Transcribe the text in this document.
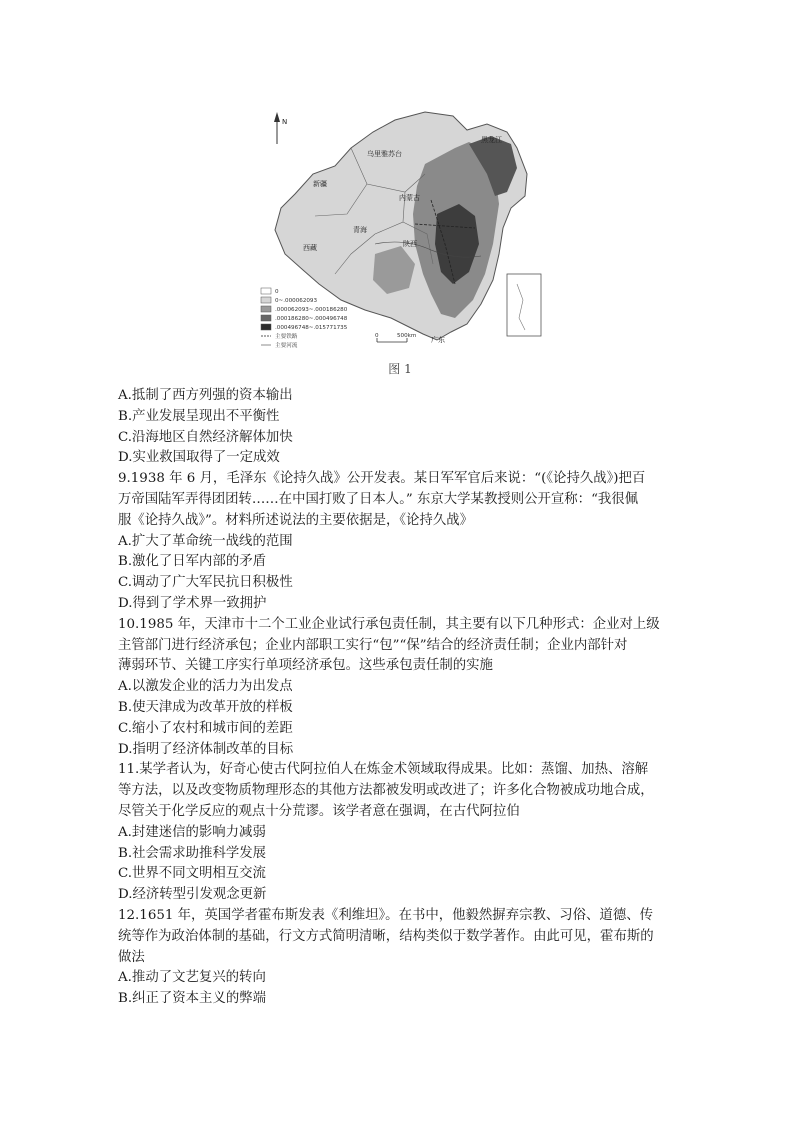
N
乌里雅苏台
黑龙江
新疆
内蒙古
西藏
青海
陕西
广东
0
0~.000062093
.000062093~.000186280
.000186280~.000496748
.000496748~.015771735
主要铁路
主要河流
0	500km
图 1

A.抵制了西方列强的资本输出

B.产业发展呈现出不平衡性

C.沿海地区自然经济解体加快

D.实业救国取得了一定成效

9.1938 年 6 月，毛泽东《论持久战》公开发表。某日军军官后来说：“(《论持久战》)把百

万帝国陆军弄得团团转……在中国打败了日本人。” 东京大学某教授则公开宣称：“我很佩

服《论持久战》”。材料所述说法的主要依据是，《论持久战》

A.扩大了革命统一战线的范围

B.激化了日军内部的矛盾

C.调动了广大军民抗日积极性

D.得到了学术界一致拥护

10.1985 年，天津市十二个工业企业试行承包责任制，其主要有以下几种形式：企业对上级

主管部门进行经济承包；企业内部职工实行“包”“保”结合的经济责任制；企业内部针对

薄弱环节、关键工序实行单项经济承包。这些承包责任制的实施

A.以激发企业的活力为出发点

B.使天津成为改革开放的样板

C.缩小了农村和城市间的差距

D.指明了经济体制改革的目标

11.某学者认为，好奇心使古代阿拉伯人在炼金术领域取得成果。比如：蒸馏、加热、溶解

等方法，以及改变物质物理形态的其他方法都被发明或改进了；许多化合物被成功地合成，

尽管关于化学反应的观点十分荒谬。该学者意在强调，在古代阿拉伯

A.封建迷信的影响力减弱

B.社会需求助推科学发展

C.世界不同文明相互交流

D.经济转型引发观念更新

12.1651 年，英国学者霍布斯发表《利维坦》。在书中，他毅然摒弃宗教、习俗、道德、传

统等作为政治体制的基础，行文方式简明清晰，结构类似于数学著作。由此可见，霍布斯的

做法

A.推动了文艺复兴的转向

B.纠正了资本主义的弊端
